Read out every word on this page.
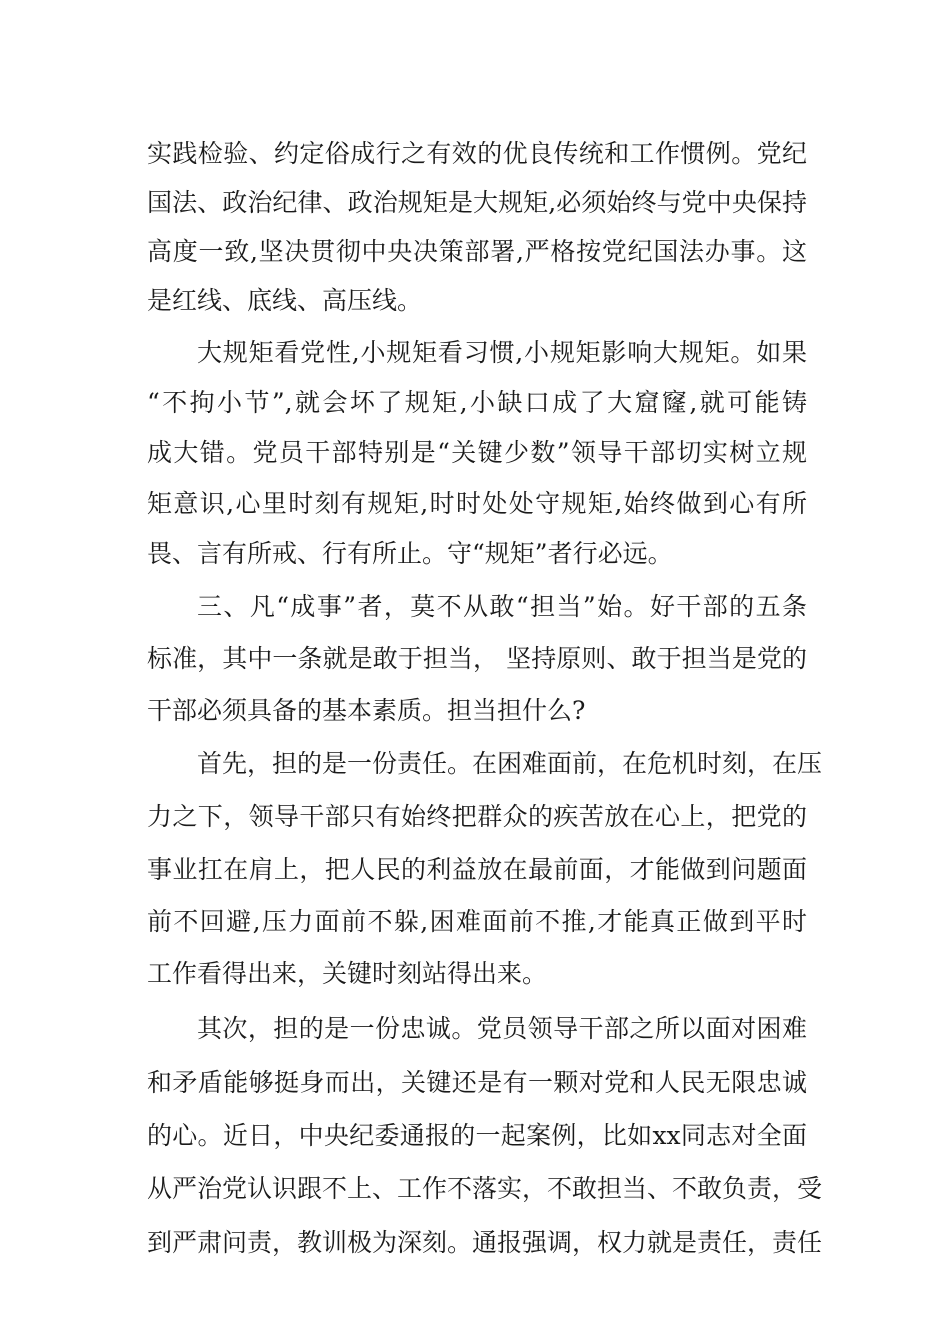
实践检验、约定俗成行之有效的优良传统和工作惯例。党纪
国法、政治纪律、政治规矩是大规矩,必须始终与党中央保持
高度一致,坚决贯彻中央决策部署,严格按党纪国法办事。这
是红线、底线、高压线。
大规矩看党性,小规矩看习惯,小规矩影响大规矩。如果
“不拘小节”,就会坏了规矩,小缺口成了大窟窿,就可能铸
成大错。党员干部特别是“关键少数”领导干部切实树立规
矩意识,心里时刻有规矩,时时处处守规矩,始终做到心有所
畏、言有所戒、行有所止。守“规矩”者行必远。
三、凡“成事”者，莫不从敢“担当”始。好干部的五条
标准，其中一条就是敢于担当， 坚持原则、敢于担当是党的
干部必须具备的基本素质。担当担什么?
首先，担的是一份责任。在困难面前，在危机时刻，在压
力之下，领导干部只有始终把群众的疾苦放在心上，把党的
事业扛在肩上，把人民的利益放在最前面，才能做到问题面
前不回避,压力面前不躲,困难面前不推,才能真正做到平时
工作看得出来，关键时刻站得出来。
其次，担的是一份忠诚。党员领导干部之所以面对困难
和矛盾能够挺身而出，关键还是有一颗对党和人民无限忠诚
的心。近日，中央纪委通报的一起案例，比如xx同志对全面
从严治党认识跟不上、工作不落实，不敢担当、不敢负责，受
到严肃问责，教训极为深刻。通报强调，权力就是责任，责任
